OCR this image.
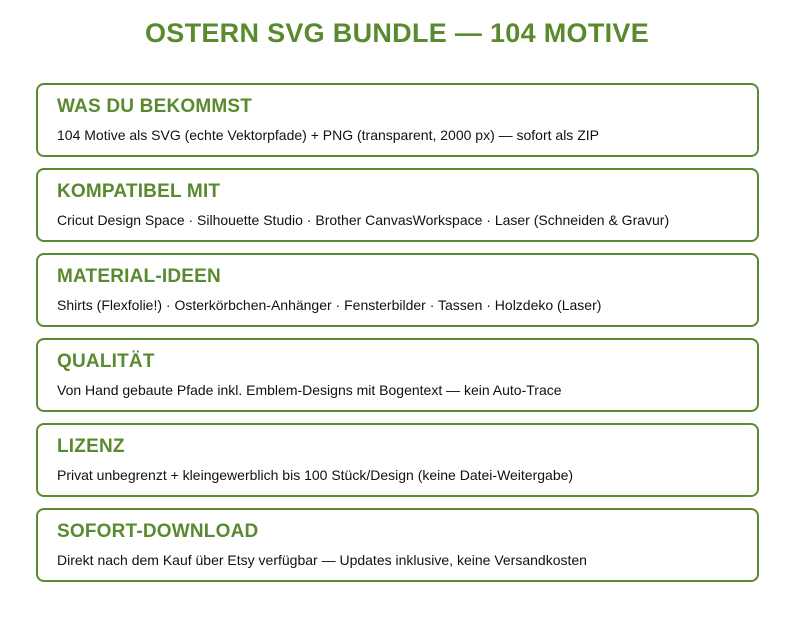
OSTERN SVG BUNDLE — 104 MOTIVE
WAS DU BEKOMMST
104 Motive als SVG (echte Vektorpfade) + PNG (transparent, 2000 px) — sofort als ZIP
KOMPATIBEL MIT
Cricut Design Space · Silhouette Studio · Brother CanvasWorkspace · Laser (Schneiden & Gravur)
MATERIAL-IDEEN
Shirts (Flexfolie!) · Osterkörbchen-Anhänger · Fensterbilder · Tassen · Holzdeko (Laser)
QUALITÄT
Von Hand gebaute Pfade inkl. Emblem-Designs mit Bogentext — kein Auto-Trace
LIZENZ
Privat unbegrenzt + kleingewerblich bis 100 Stück/Design (keine Datei-Weitergabe)
SOFORT-DOWNLOAD
Direkt nach dem Kauf über Etsy verfügbar — Updates inklusive, keine Versandkosten
